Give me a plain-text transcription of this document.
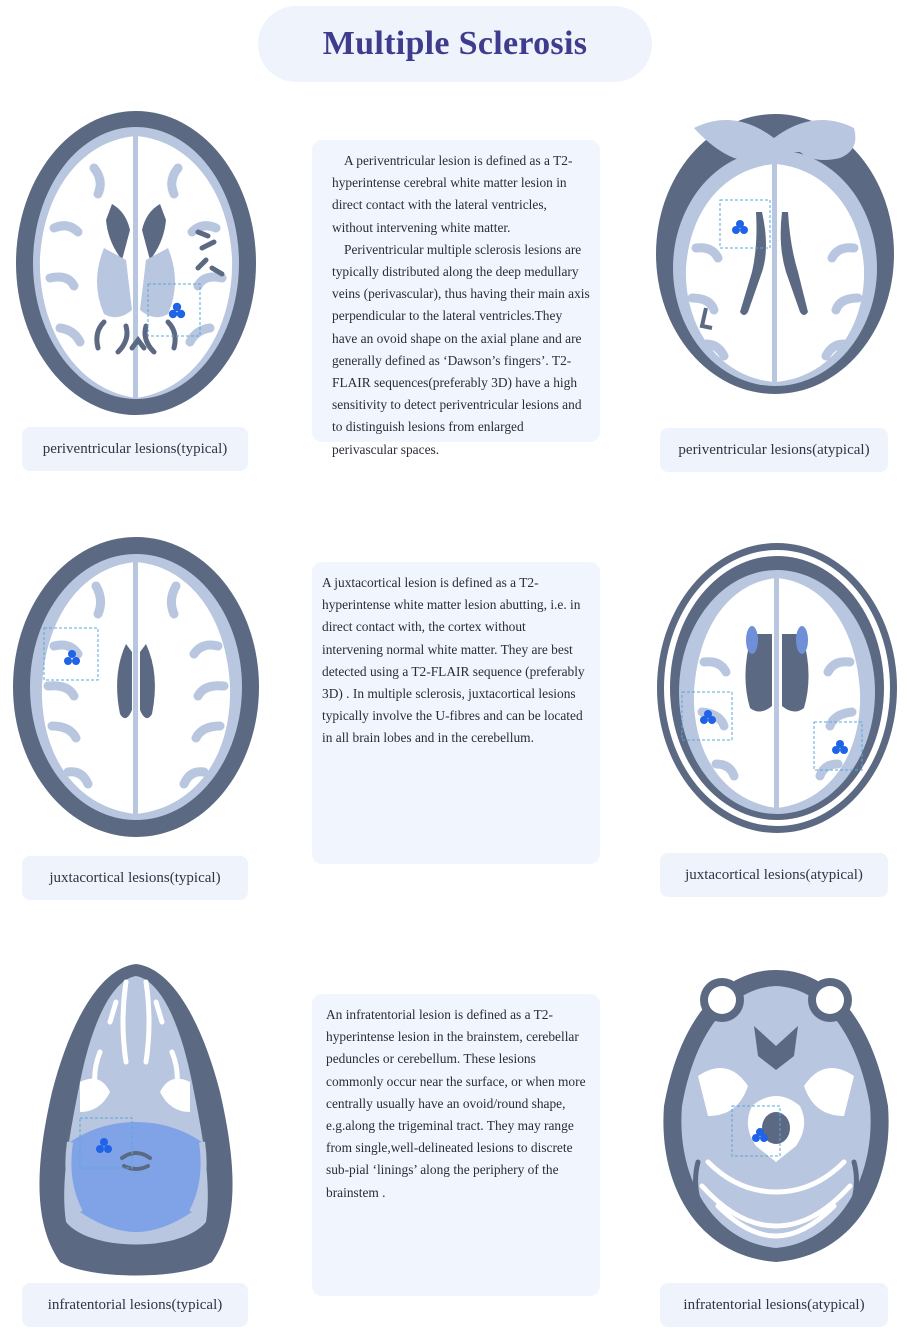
Multiple Sclerosis

A periventricular lesion is defined as a T2-hyperintense cerebral white matter lesion in direct contact with the lateral ventricles, without intervening white matter.

Periventricular multiple sclerosis lesions are typically distributed along the deep medullary veins (perivascular), thus having their main axis perpendicular to the lateral ventricles.They have an ovoid shape on the axial plane and are generally defined as ‘Dawson’s fingers’. T2-FLAIR sequences(preferably 3D) have a high sensitivity to detect periventricular lesions and to distinguish lesions from enlarged perivascular spaces.

periventricular lesions(typical)	periventricular lesions(atypical)

A juxtacortical lesion is defined as a T2-hyperintense white matter lesion abutting, i.e. in direct contact with, the cortex without intervening normal white matter. They are best detected using a T2-FLAIR sequence (preferably 3D) . In multiple sclerosis, juxtacortical lesions typically involve the U-fibres and can be located in all brain lobes and in the cerebellum.

juxtacortical lesions(typical)	juxtacortical lesions(atypical)

An infratentorial lesion is defined as a T2-hyperintense lesion in the brainstem, cerebellar peduncles or cerebellum. These lesions commonly occur near the surface, or when more centrally usually have an ovoid/round shape, e.g.along the trigeminal tract. They may range from single,well-delineated lesions to discrete sub-pial ‘linings’ along the periphery of the brainstem .

infratentorial lesions(typical)	infratentorial lesions(atypical)
